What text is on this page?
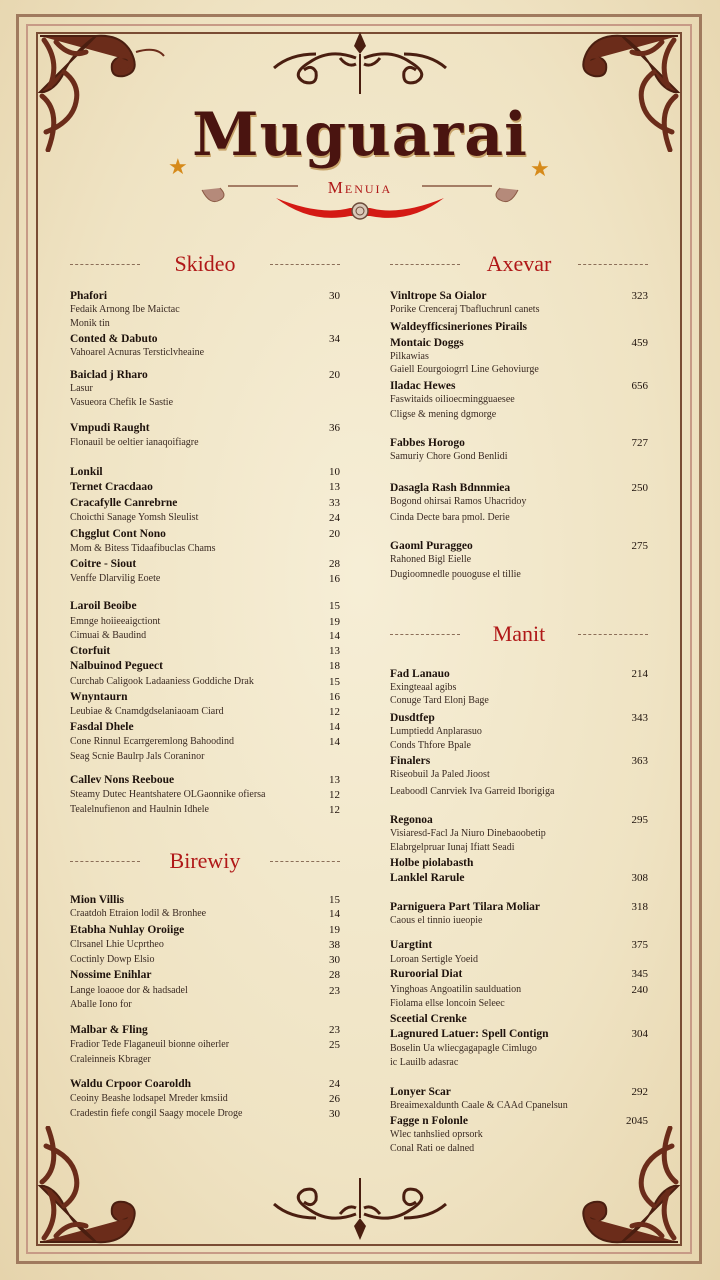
Muguarai
★	★
Menuia
Skideo
Phafori	30
Fedaik Arnong Ibe Maictac
Monik tin
Conted & Dabuto	34
Vahoarel Acnuras Tersticlvheaine
Baiclad j Rharo	20
Lasur
Vasueora Chefik Ie Sastie
Vmpudi Raught	36
Flonauil be oeltier ianaqoifiagre
Lonkil	10
Ternet Cracdaao	13
Cracafylle Canrebrne	33
Choicthi Sanage Yomsh Sleulist	24
Chgglut Cont Nono	20
Mom & Bitess Tidaafibuclas Chams
Coitre - Siout	28
Venffe Dlarvilig Eoete	16
Laroil Beoibe	15
Emnge hoiieeaigctiont	19
Cimuai & Baudind	14
Ctorfuit	13
Nalbuinod Peguect	18
Curchab Caligook Ladaaniess Goddiche Drak	15
Wnyntaurn	16
Leubiae & Cnamdgdselaniaoam Ciard	12
Fasdal Dhele	14
Cone Rinnul Ecarrgeremlong Bahoodind	14
Seag Scnie Baulrp Jals Coraninor
Callev Nons Reeboue	13
Steamy Dutec Heantshatere OLGaonnike ofiersa	12
Tealelnufienon and Haulnin Idhele	12
Birewiy
Mion Villis	15
Craatdoh Etraion lodil & Bronhee	14
Etabha Nuhlay Oroiige	19
Clrsanel Lhie Ucprtheo	38
Coctinly Dowp Elsio	30
Nossime Enihlar	28
Lange loaooe dor & hadsadel	23
Aballe Iono for
Malbar & Fling	23
Fradior Tede Flaganeuil bionne oiherler	25
Craleinneis Kbrager
Waldu Crpoor Coaroldh	24
Ceoiny Beashe lodsapel Mreder kmsiid	26
Cradestin fiefe congil Saagy mocele Droge	30
Axevar
Vinltrope Sa Oialor	323
Porike Crenceraj Tbafluchrunl canets
Waldeyfficsineriones Pirails
Montaic Doggs	459
Pilkawias
Gaiell Eourgoiogrrl Line Gehoviurge
Iladac Hewes	656
Faswitaids oilioecmingguaesee
Cligse & mening dgmorge
Fabbes Horogo	727
Samuriy Chore Gond Benlidi
Dasagla Rash Bdnnmiea	250
Bogond ohirsai Ramos Uhacridoy
Cinda Decte bara pmol. Derie
Gaoml Puraggeo	275
Rahoned Bigl Eielle
Dugioomnedle pouoguse el tillie
Manit
Fad Lanauo	214
Exingteaal agibs
Conuge Tard Elonj Bage
Dusdtfep	343
Lumptiedd Anplarasuo
Conds Thfore Bpale
Finalers	363
Riseobuil Ja Paled Jioost
Leaboodl Canrviek Iva Garreid Iborigiga
Regonoa	295
Visiaresd-Facl Ja Niuro Dinebaoobetip
Elabrgelpruar Iunaj Ifiatt Seadi
Holbe piolabasth
Lanklel Rarule	308
Parniguera Part Tilara Moliar	318
Caous el tinnio iueopie
Uargtint	375
Loroan Sertigle Yoeid
Ruroorial Diat	345
Yinghoas Angoatilin saulduation	240
Fiolama ellse loncoin Seleec
Sceetial Crenke
Lagnured Latuer: Spell Contign	304
Boselin Ua wliecgagapagle Cimlugo
ic Lauilb adasrac
Lonyer Scar	292
Breaimexaldunth Caale & CAAd Cpanelsun
Fagge n Folonle	2045
Wlec tanhslied oprsork
Conal Rati oe dalned
